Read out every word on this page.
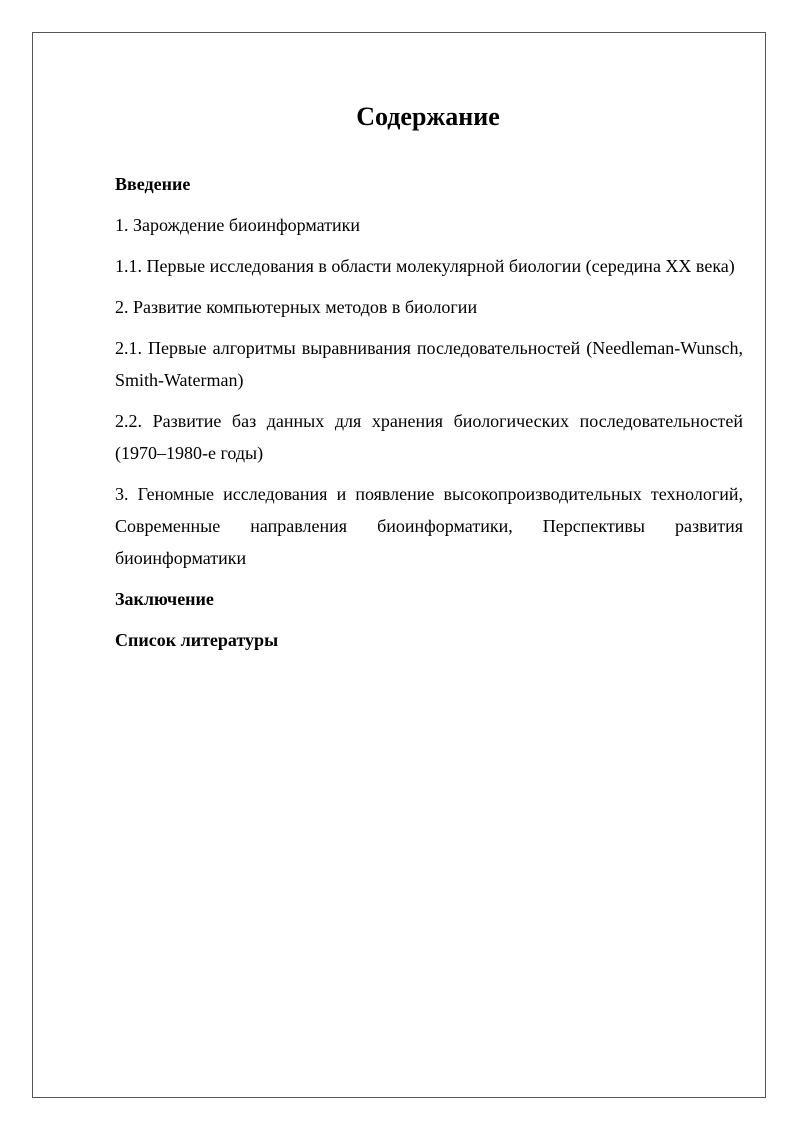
Содержание

Введение

1. Зарождение биоинформатики

1.1. Первые исследования в области молекулярной биологии (середина XX века)

2. Развитие компьютерных методов в биологии

2.1. Первые алгоритмы выравнивания последовательностей (Needleman-Wunsch, Smith-Waterman)

2.2. Развитие баз данных для хранения биологических последовательностей (1970–1980-е годы)

3. Геномные исследования и появление высокопроизводительных технологий, Современные направления биоинформатики, Перспективы развития биоинформатики

Заключение

Список литературы
